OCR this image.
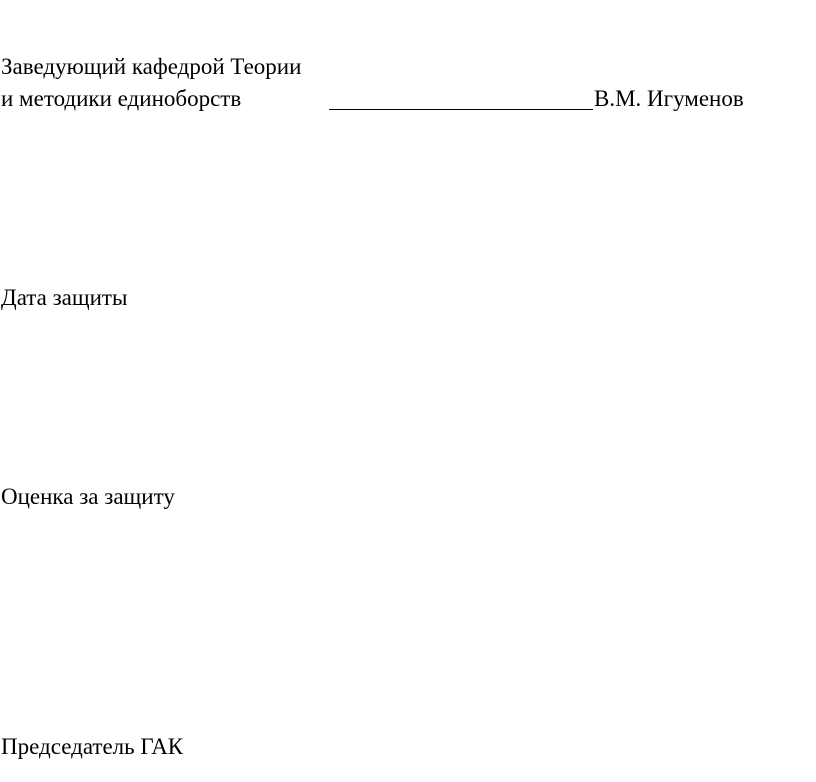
Заведующий кафедрой Теории
и методики единоборств	В.М. Игуменов
Дата защиты
Оценка за защиту
Председатель ГАК
